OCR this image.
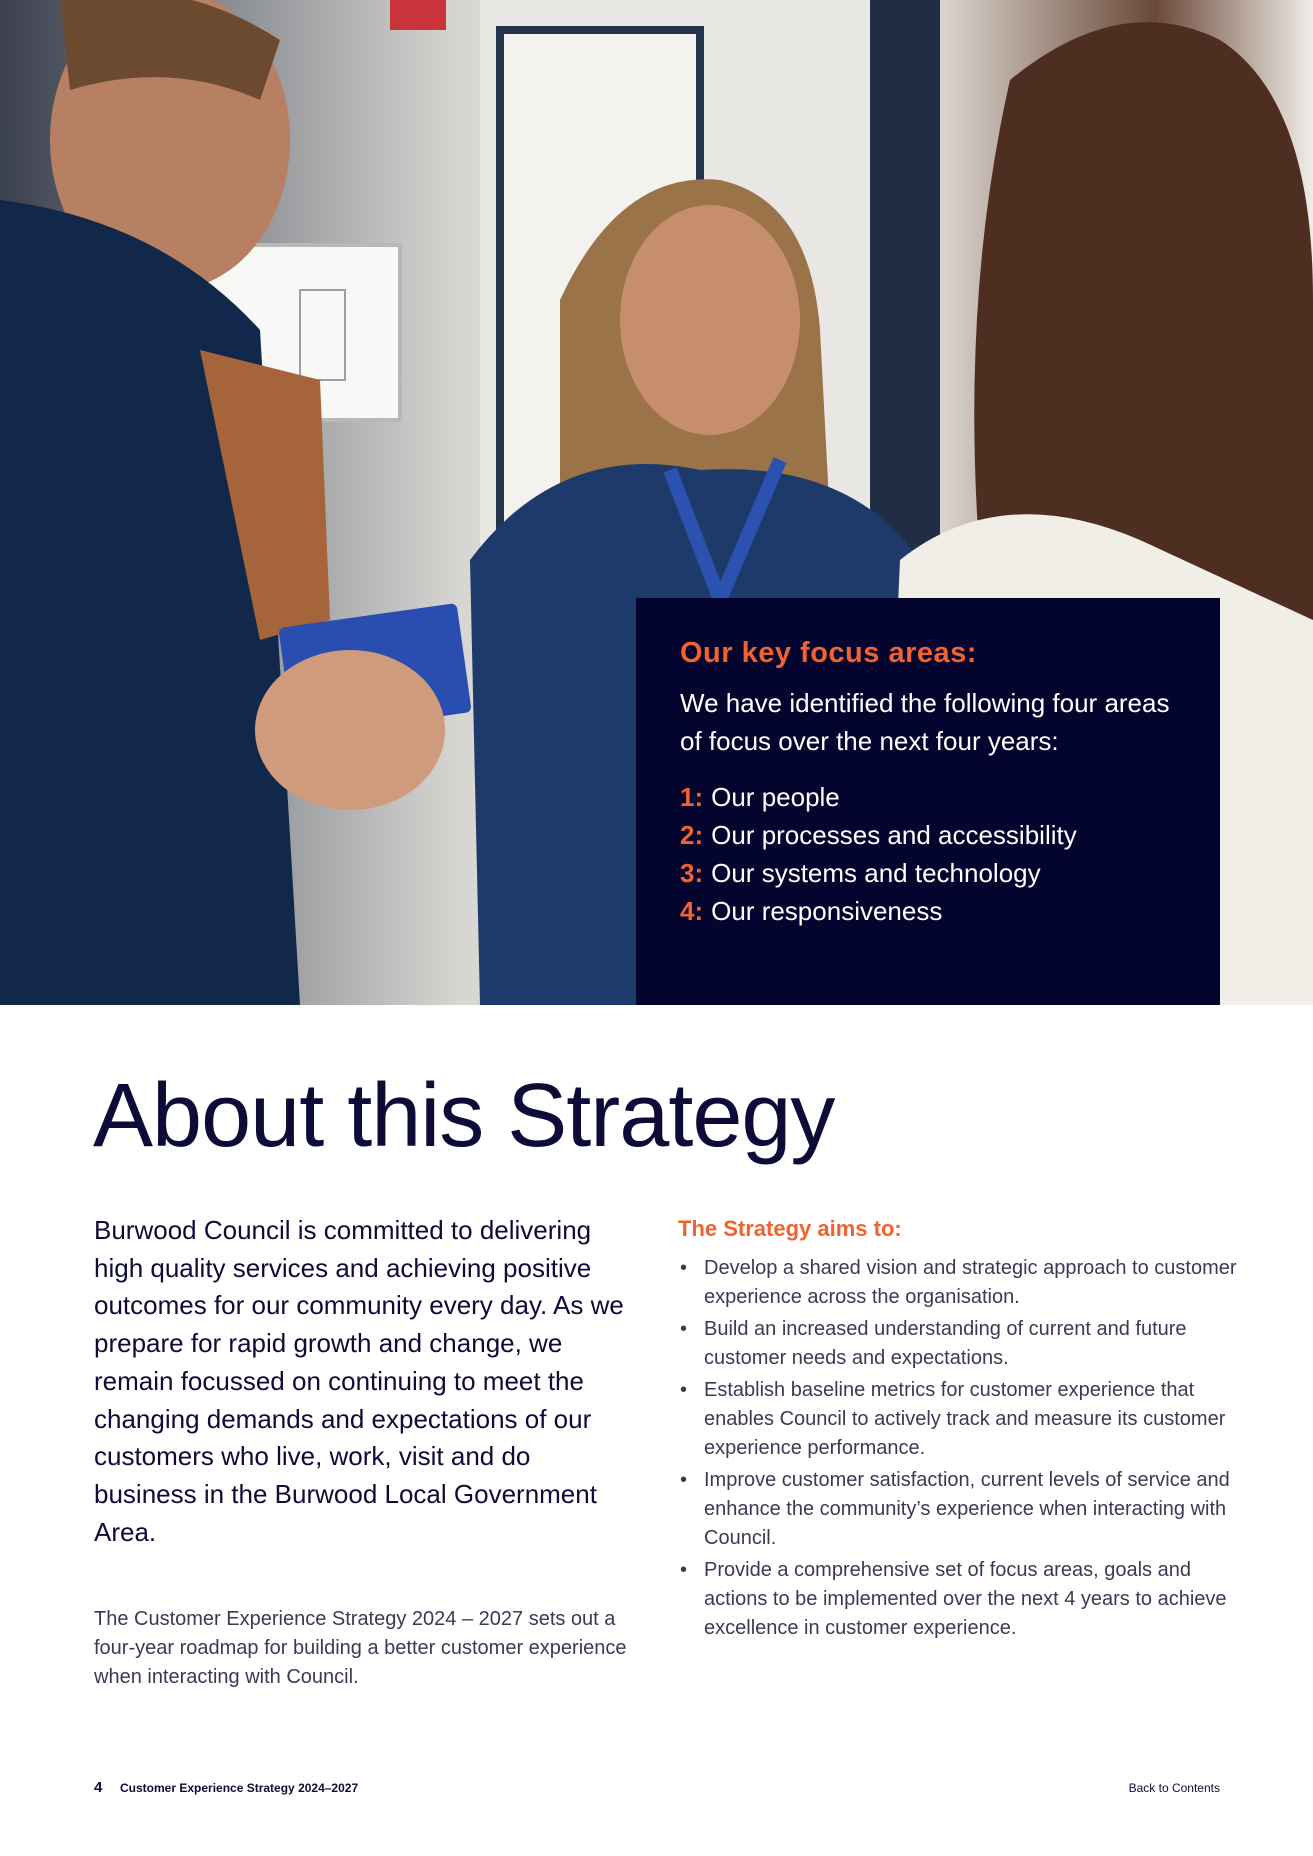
Our key focus areas:

We have identified the following four areas of focus over the next four years:

1: Our people
2: Our processes and accessibility
3: Our systems and technology
4: Our responsiveness
About this Strategy

Burwood Council is committed to delivering high quality services and achieving positive outcomes for our community every day. As we prepare for rapid growth and change, we remain focussed on continuing to meet the changing demands and expectations of our customers who live, work, visit and do business in the Burwood Local Government Area.

The Customer Experience Strategy 2024 – 2027 sets out a four-year roadmap for building a better customer experience when interacting with Council.

The Strategy aims to:
• Develop a shared vision and strategic approach to customer experience across the organisation.
• Build an increased understanding of current and future customer needs and expectations.
• Establish baseline metrics for customer experience that enables Council to actively track and measure its customer experience performance.
• Improve customer satisfaction, current levels of service and enhance the community’s experience when interacting with Council.
• Provide a comprehensive set of focus areas, goals and actions to be implemented over the next 4 years to achieve excellence in customer experience.
4 Customer Experience Strategy 2024–2027	Back to Contents
